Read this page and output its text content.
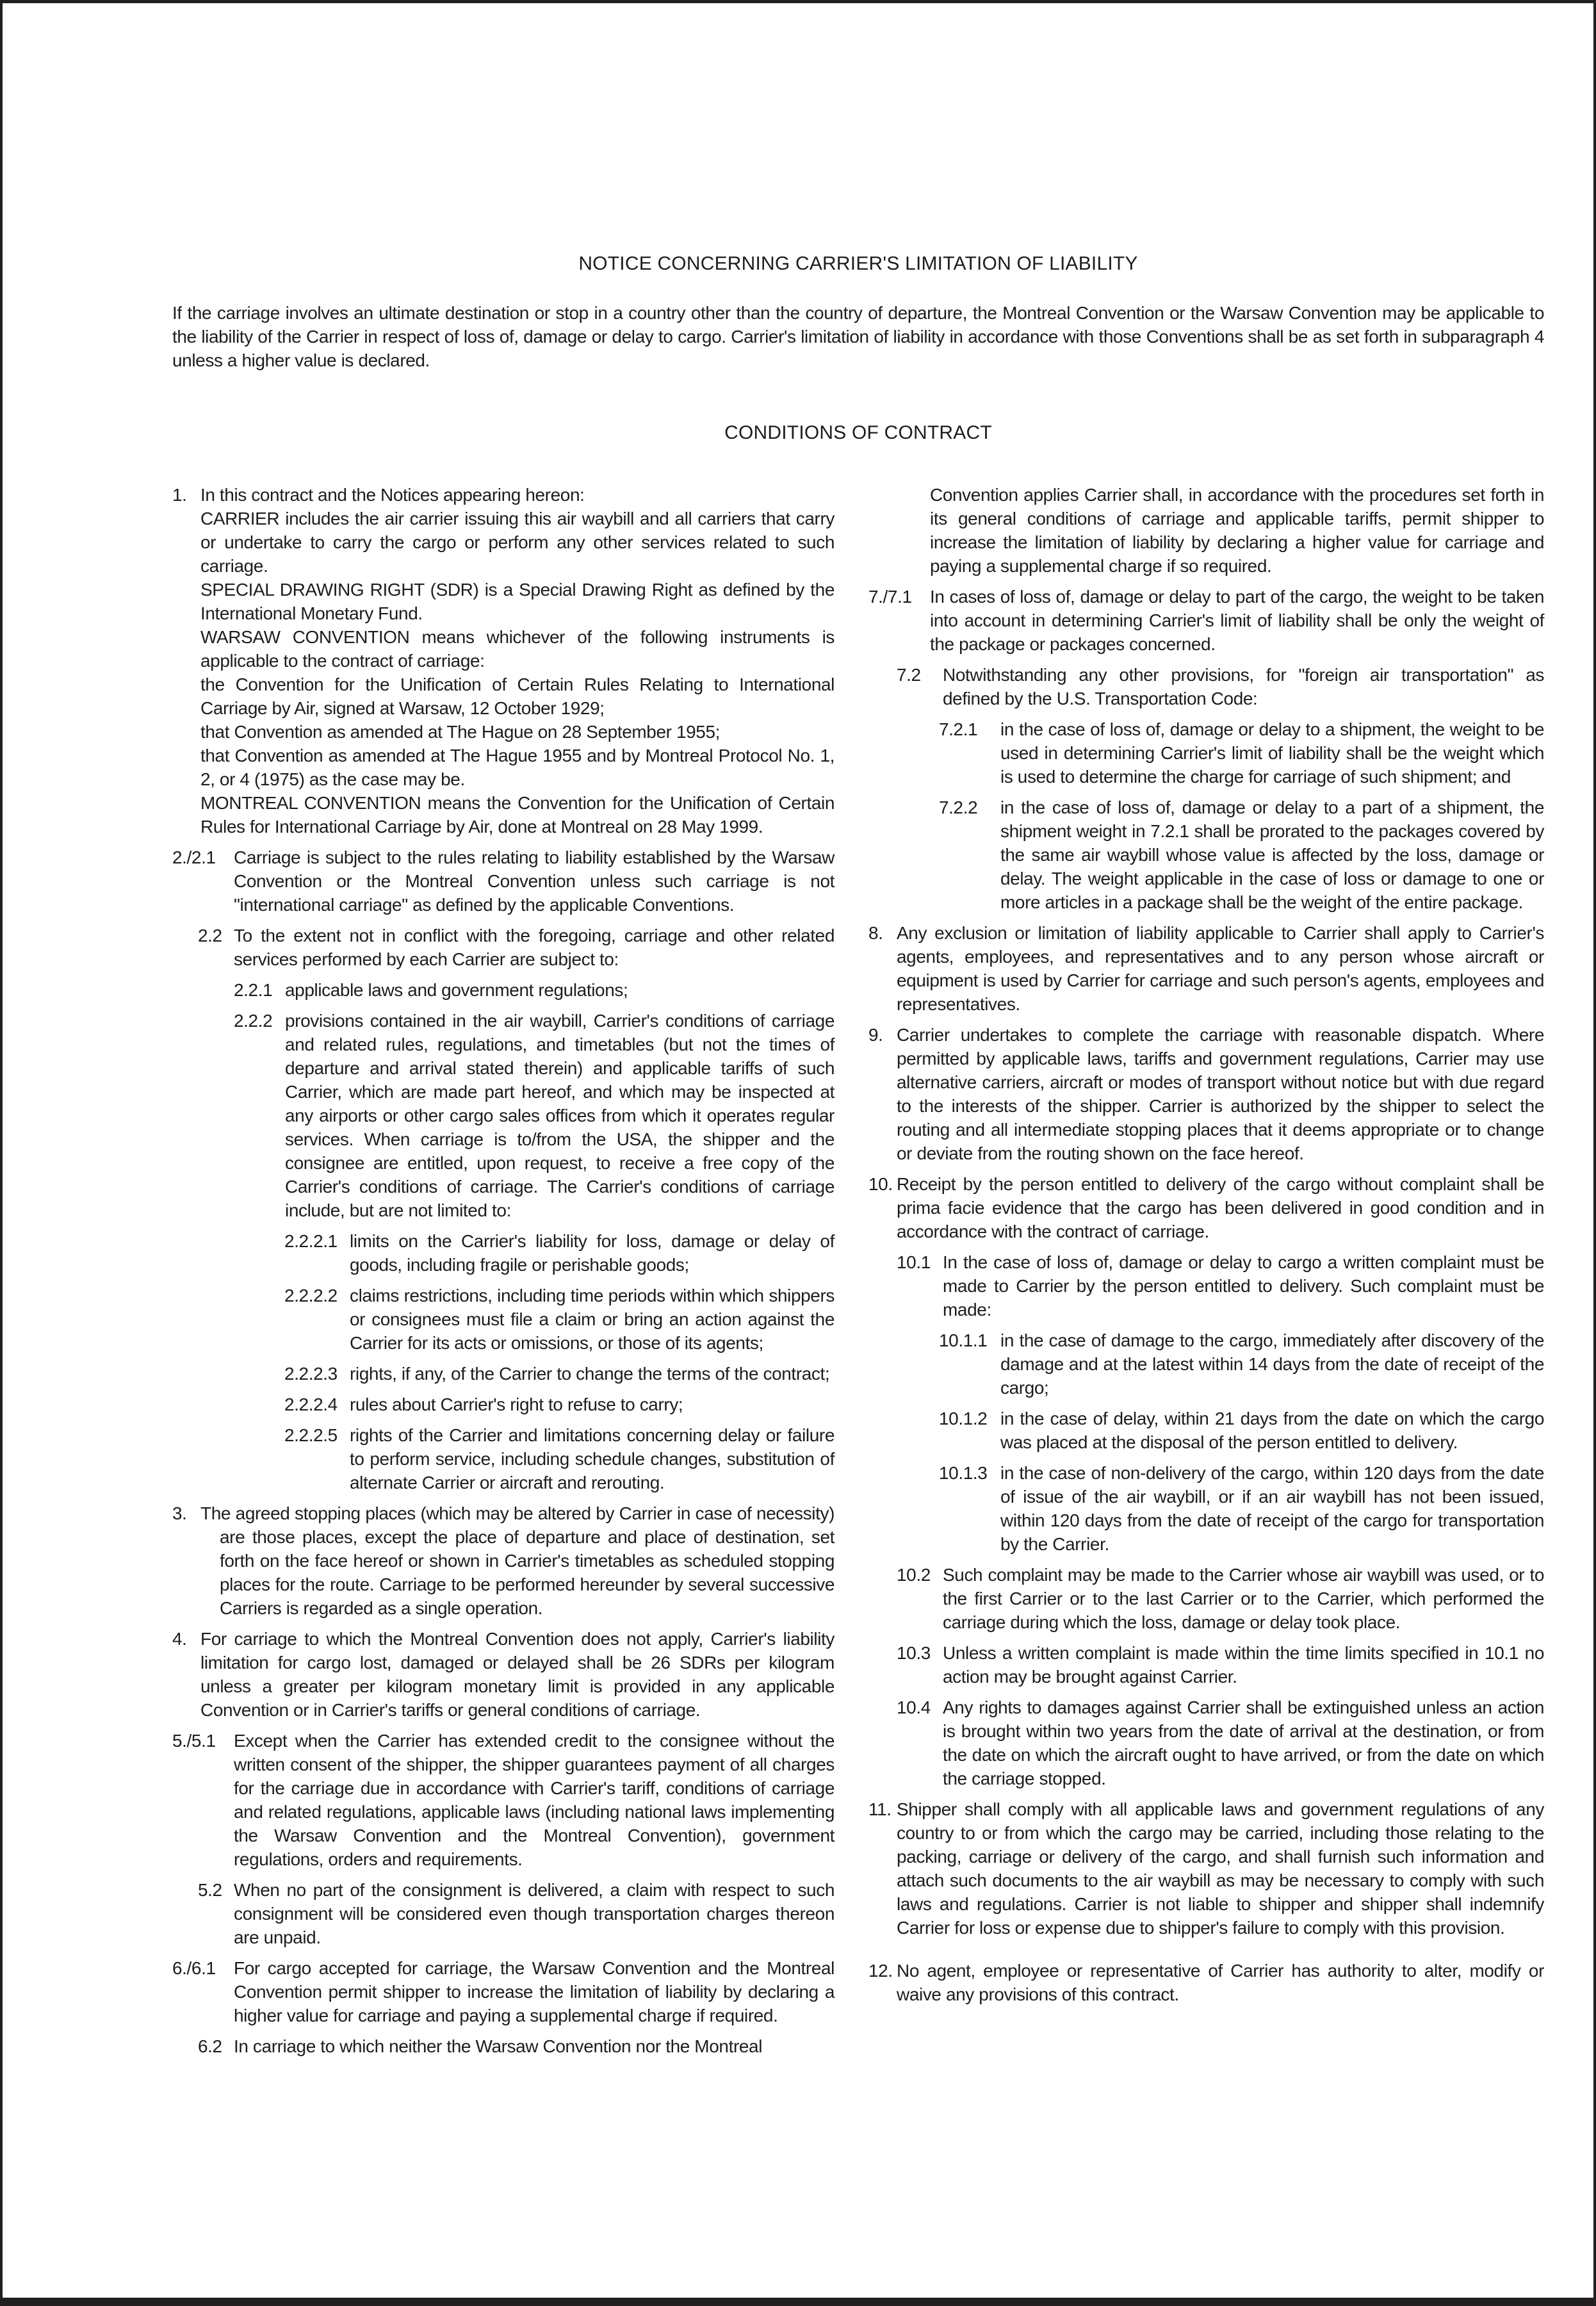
NOTICE CONCERNING CARRIER'S LIMITATION OF LIABILITY
If the carriage involves an ultimate destination or stop in a country other than the country of departure, the Montreal Convention or the Warsaw Convention may be applicable to the liability of the Carrier in respect of loss of, damage or delay to cargo. Carrier's limitation of liability in accordance with those Conventions shall be as set forth in subparagraph 4 unless a higher value is declared.
CONDITIONS OF CONTRACT
1. In this contract and the Notices appearing hereon:
CARRIER includes the air carrier issuing this air waybill and all carriers that carry or undertake to carry the cargo or perform any other services related to such carriage.
SPECIAL DRAWING RIGHT (SDR) is a Special Drawing Right as defined by the International Monetary Fund.
WARSAW CONVENTION means whichever of the following instruments is applicable to the contract of carriage:
the Convention for the Unification of Certain Rules Relating to International Carriage by Air, signed at Warsaw, 12 October 1929;
that Convention as amended at The Hague on 28 September 1955;
that Convention as amended at The Hague 1955 and by Montreal Protocol No. 1, 2, or 4 (1975) as the case may be.
MONTREAL CONVENTION means the Convention for the Unification of Certain Rules for International Carriage by Air, done at Montreal on 28 May 1999.
2./2.1 Carriage is subject to the rules relating to liability established by the Warsaw Convention or the Montreal Convention unless such carriage is not "international carriage" as defined by the applicable Conventions.
2.2 To the extent not in conflict with the foregoing, carriage and other related services performed by each Carrier are subject to:
2.2.1 applicable laws and government regulations;
2.2.2 provisions contained in the air waybill, Carrier's conditions of carriage and related rules, regulations, and timetables (but not the times of departure and arrival stated therein) and applicable tariffs of such Carrier, which are made part hereof, and which may be inspected at any airports or other cargo sales offices from which it operates regular services. When carriage is to/from the USA, the shipper and the consignee are entitled, upon request, to receive a free copy of the Carrier's conditions of carriage. The Carrier's conditions of carriage include, but are not limited to:
2.2.2.1 limits on the Carrier's liability for loss, damage or delay of goods, including fragile or perishable goods;
2.2.2.2 claims restrictions, including time periods within which shippers or consignees must file a claim or bring an action against the Carrier for its acts or omissions, or those of its agents;
2.2.2.3 rights, if any, of the Carrier to change the terms of the contract;
2.2.2.4 rules about Carrier's right to refuse to carry;
2.2.2.5 rights of the Carrier and limitations concerning delay or failure to perform service, including schedule changes, substitution of alternate Carrier or aircraft and rerouting.
3. The agreed stopping places (which may be altered by Carrier in case of necessity) are those places, except the place of departure and place of destination, set forth on the face hereof or shown in Carrier's timetables as scheduled stopping places for the route. Carriage to be performed hereunder by several successive Carriers is regarded as a single operation.
4. For carriage to which the Montreal Convention does not apply, Carrier's liability limitation for cargo lost, damaged or delayed shall be 26 SDRs per kilogram unless a greater per kilogram monetary limit is provided in any applicable Convention or in Carrier's tariffs or general conditions of carriage.
5./5.1 Except when the Carrier has extended credit to the consignee without the written consent of the shipper, the shipper guarantees payment of all charges for the carriage due in accordance with Carrier's tariff, conditions of carriage and related regulations, applicable laws (including national laws implementing the Warsaw Convention and the Montreal Convention), government regulations, orders and requirements.
5.2 When no part of the consignment is delivered, a claim with respect to such consignment will be considered even though transportation charges thereon are unpaid.
6./6.1 For cargo accepted for carriage, the Warsaw Convention and the Montreal Convention permit shipper to increase the limitation of liability by declaring a higher value for carriage and paying a supplemental charge if required.
6.2 In carriage to which neither the Warsaw Convention nor the Montreal
Convention applies Carrier shall, in accordance with the procedures set forth in its general conditions of carriage and applicable tariffs, permit shipper to increase the limitation of liability by declaring a higher value for carriage and paying a supplemental charge if so required.
7./7.1 In cases of loss of, damage or delay to part of the cargo, the weight to be taken into account in determining Carrier's limit of liability shall be only the weight of the package or packages concerned.
7.2 Notwithstanding any other provisions, for "foreign air transportation" as defined by the U.S. Transportation Code:
7.2.1 in the case of loss of, damage or delay to a shipment, the weight to be used in determining Carrier's limit of liability shall be the weight which is used to determine the charge for carriage of such shipment; and
7.2.2 in the case of loss of, damage or delay to a part of a shipment, the shipment weight in 7.2.1 shall be prorated to the packages covered by the same air waybill whose value is affected by the loss, damage or delay. The weight applicable in the case of loss or damage to one or more articles in a package shall be the weight of the entire package.
8. Any exclusion or limitation of liability applicable to Carrier shall apply to Carrier's agents, employees, and representatives and to any person whose aircraft or equipment is used by Carrier for carriage and such person's agents, employees and representatives.
9. Carrier undertakes to complete the carriage with reasonable dispatch. Where permitted by applicable laws, tariffs and government regulations, Carrier may use alternative carriers, aircraft or modes of transport without notice but with due regard to the interests of the shipper. Carrier is authorized by the shipper to select the routing and all intermediate stopping places that it deems appropriate or to change or deviate from the routing shown on the face hereof.
10. Receipt by the person entitled to delivery of the cargo without complaint shall be prima facie evidence that the cargo has been delivered in good condition and in accordance with the contract of carriage.
10.1 In the case of loss of, damage or delay to cargo a written complaint must be made to Carrier by the person entitled to delivery. Such complaint must be made:
10.1.1 in the case of damage to the cargo, immediately after discovery of the damage and at the latest within 14 days from the date of receipt of the cargo;
10.1.2 in the case of delay, within 21 days from the date on which the cargo was placed at the disposal of the person entitled to delivery.
10.1.3 in the case of non-delivery of the cargo, within 120 days from the date of issue of the air waybill, or if an air waybill has not been issued, within 120 days from the date of receipt of the cargo for transportation by the Carrier.
10.2 Such complaint may be made to the Carrier whose air waybill was used, or to the first Carrier or to the last Carrier or to the Carrier, which performed the carriage during which the loss, damage or delay took place.
10.3 Unless a written complaint is made within the time limits specified in 10.1 no action may be brought against Carrier.
10.4 Any rights to damages against Carrier shall be extinguished unless an action is brought within two years from the date of arrival at the destination, or from the date on which the aircraft ought to have arrived, or from the date on which the carriage stopped.
11. Shipper shall comply with all applicable laws and government regulations of any country to or from which the cargo may be carried, including those relating to the packing, carriage or delivery of the cargo, and shall furnish such information and attach such documents to the air waybill as may be necessary to comply with such laws and regulations. Carrier is not liable to shipper and shipper shall indemnify Carrier for loss or expense due to shipper's failure to comply with this provision.
12. No agent, employee or representative of Carrier has authority to alter, modify or waive any provisions of this contract.
